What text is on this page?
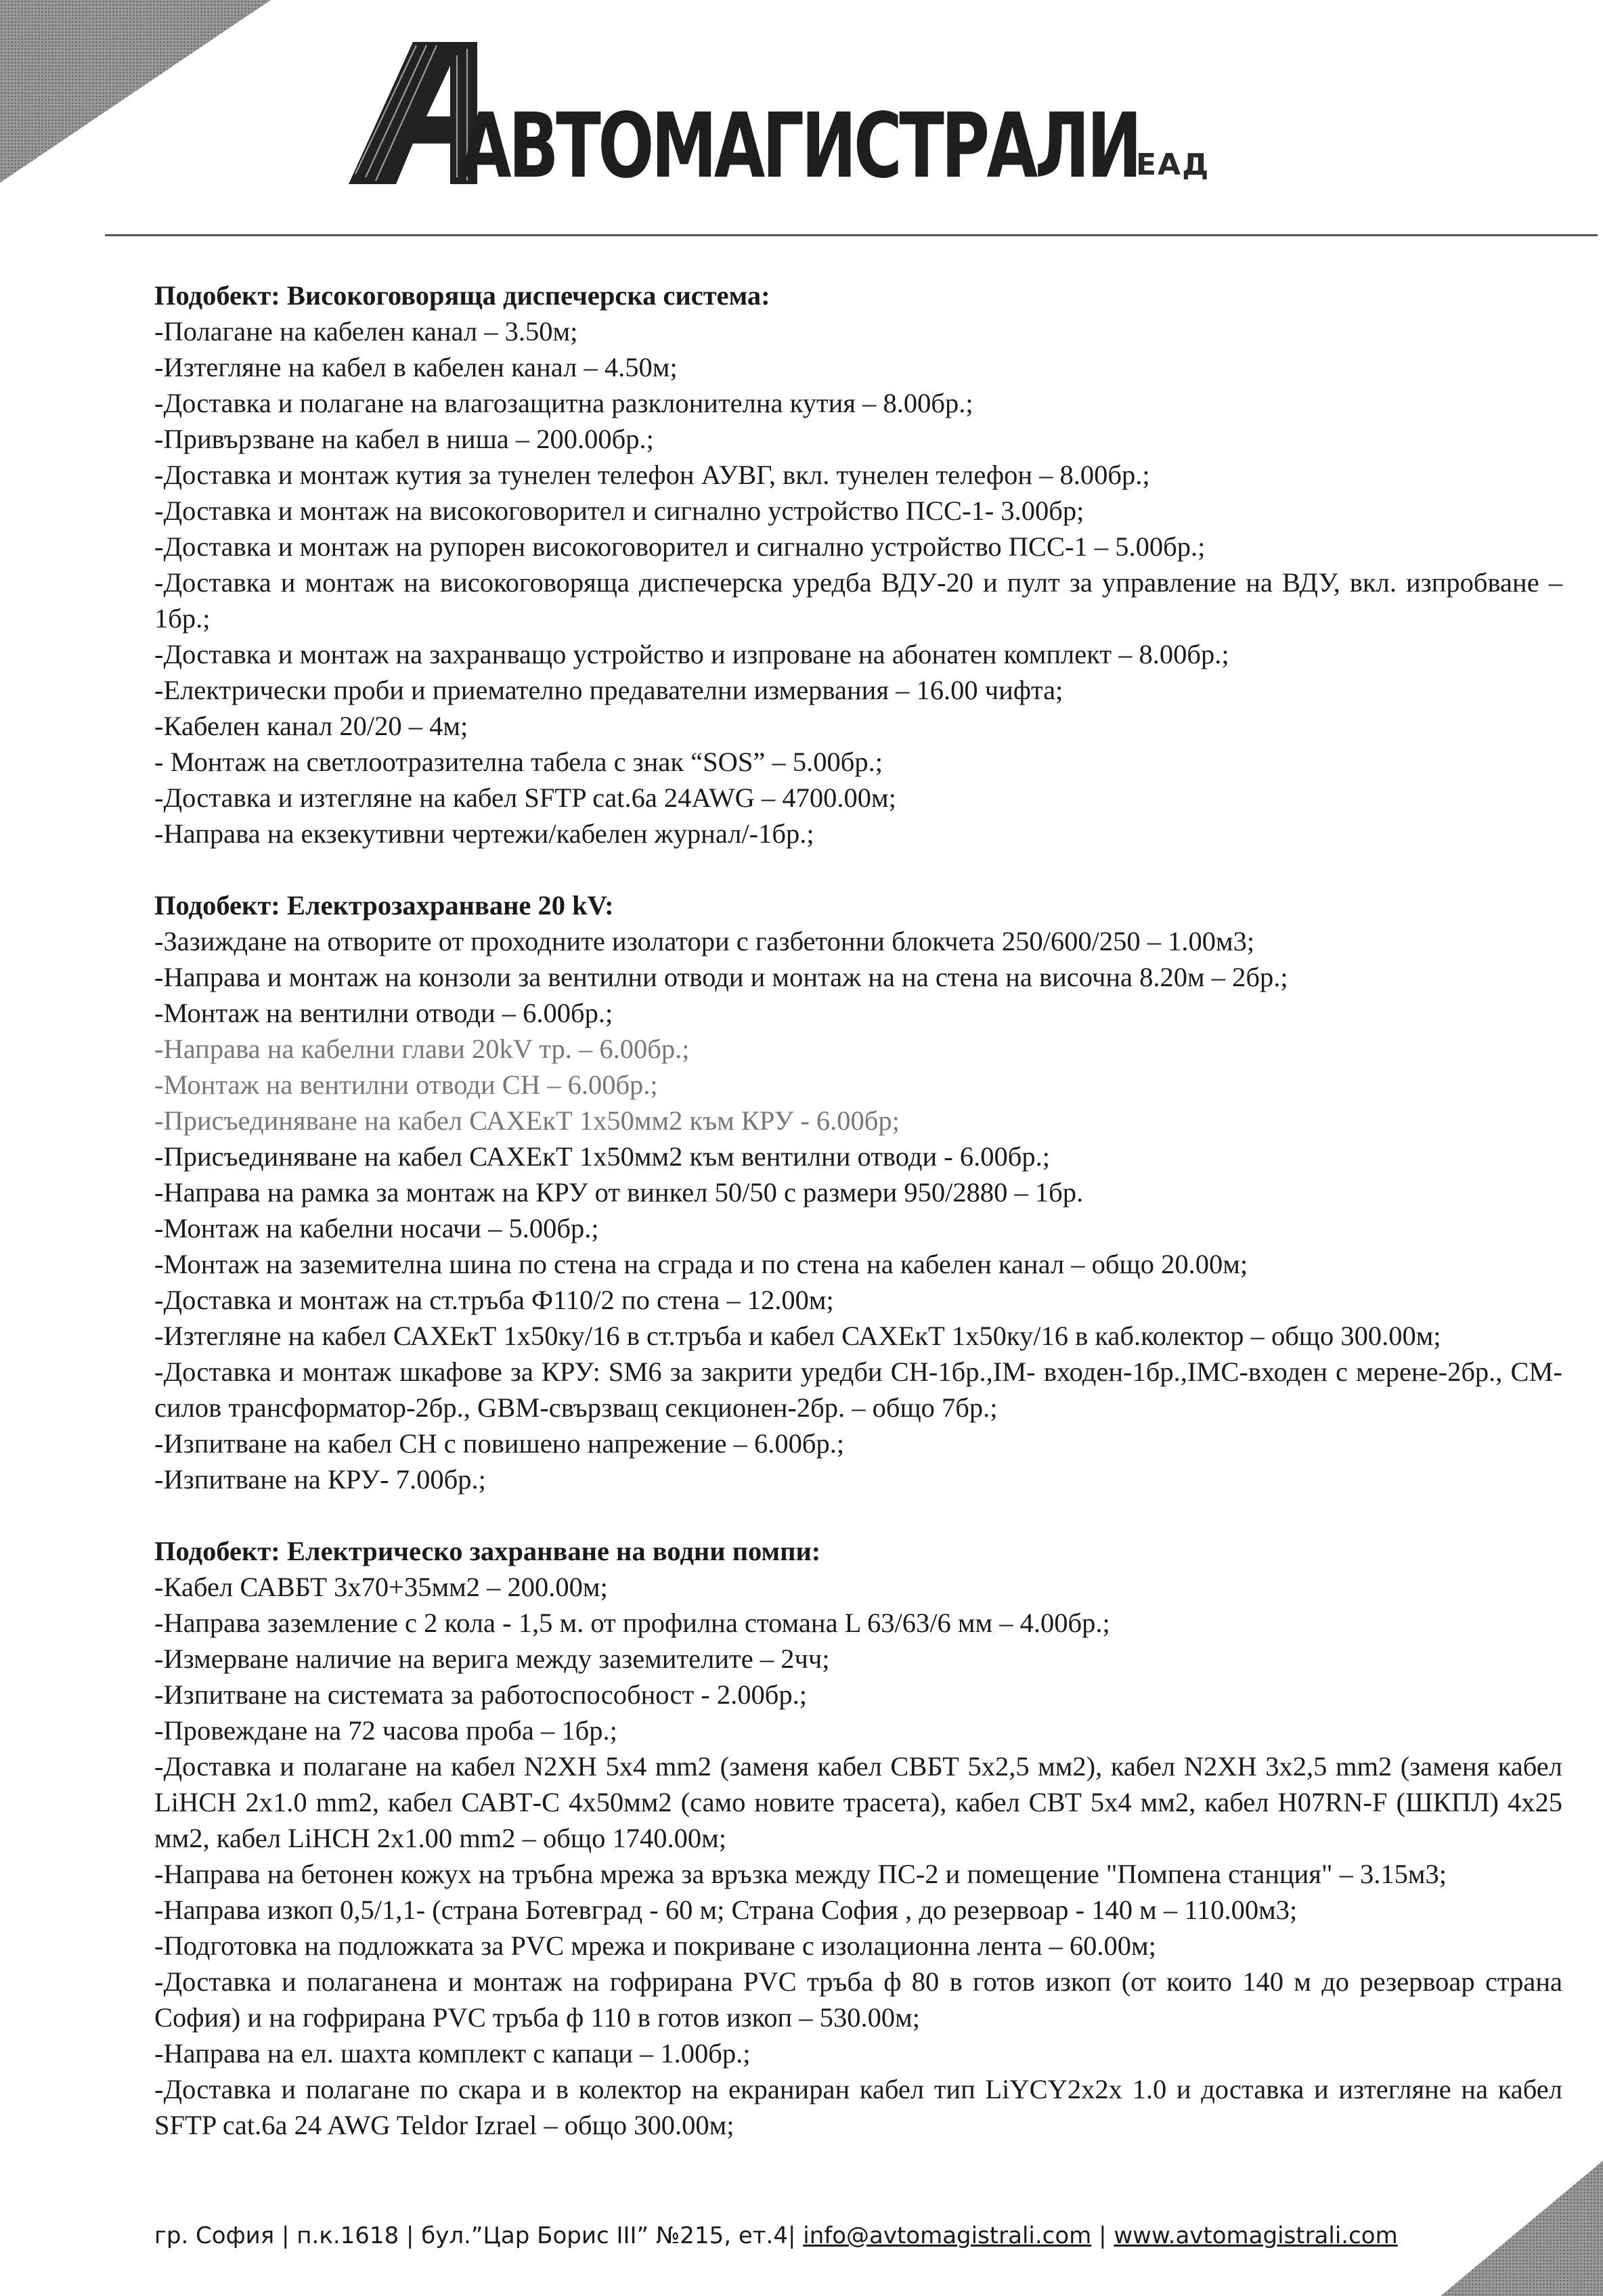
АВТОМАГИСТРАЛИ
ЕАД
Подобект: Високоговоряща диспечерска система:
-Полагане на кабелен канал – 3.50м;
-Изтегляне на кабел в кабелен канал – 4.50м;
-Доставка и полагане на влагозащитна разклонителна кутия – 8.00бр.;
-Привързване на кабел в ниша – 200.00бр.;
-Доставка и монтаж кутия за тунелен телефон АУВГ, вкл. тунелен телефон – 8.00бр.;
-Доставка и монтаж на високоговорител и сигнално устройство ПСС-1- 3.00бр;
-Доставка и монтаж на рупорен високоговорител и сигнално устройство ПСС-1 – 5.00бр.;
-Доставка и монтаж на високоговоряща диспечерска уредба ВДУ-20 и пулт за управление на ВДУ, вкл. изпробване – 1бр.;
-Доставка и монтаж на захранващо устройство и изпроване на абонатен комплект – 8.00бр.;
-Електрически проби и приемателно предавателни измервания – 16.00 чифта;
-Кабелен канал 20/20 – 4м;
- Монтаж на светлоотразителна табела с знак “SOS” – 5.00бр.;
-Доставка и изтегляне на кабел SFTP cat.6a 24AWG – 4700.00м;
-Направа на екзекутивни чертежи/кабелен журнал/-1бр.;
Подобект: Електрозахранване 20 kV:
-Зазиждане на отворите от проходните изолатори с газбетонни блокчета 250/600/250 – 1.00м3;
-Направа и монтаж на конзоли за вентилни отводи и монтаж на на стена на височна 8.20м – 2бр.;
-Монтаж на вентилни отводи – 6.00бр.;
-Направа на кабелни глави 20kV тр. – 6.00бр.;
-Монтаж на вентилни отводи СН – 6.00бр.;
-Присъединяване на кабел САХЕкТ 1х50мм2 към КРУ - 6.00бр;
-Присъединяване на кабел САХЕкТ 1х50мм2 към вентилни отводи - 6.00бр.;
-Направа на рамка за монтаж на КРУ от винкел 50/50 с размери 950/2880 – 1бр.
-Монтаж на кабелни носачи – 5.00бр.;
-Монтаж на заземителна шина по стена на сграда и по стена на кабелен канал – общо 20.00м;
-Доставка и монтаж на ст.тръба Ф110/2 по стена – 12.00м;
-Изтегляне на кабел САХЕкТ 1х50ку/16 в ст.тръба и кабел САХЕкТ 1х50ку/16 в каб.колектор – общо 300.00м;
-Доставка и монтаж шкафове за КРУ: SM6 за закрити уредби СН-1бр.,IM- входен-1бр.,IMC-входен с мерене-2бр., CM- силов трансформатор-2бр., GBM-свързващ секционен-2бр. – общо 7бр.;
-Изпитване на кабел СН с повишено напрежение – 6.00бр.;
-Изпитване на КРУ- 7.00бр.;
Подобект: Електрическо захранване на водни помпи:
-Кабел САВБТ 3х70+35мм2 – 200.00м;
-Направа заземление с 2 кола - 1,5 м. от профилна стомана L 63/63/6 мм – 4.00бр.;
-Измерване наличие на верига между заземителите – 2чч;
-Изпитване на системата за работоспособност - 2.00бр.;
-Провеждане на 72 часова проба – 1бр.;
-Доставка и полагане на кабел N2XH 5x4 mm2 (заменя кабел СВБТ 5х2,5 мм2), кабел N2XH 3x2,5 mm2 (заменя кабел LiHCH 2x1.0 mm2, кабел САВТ-С 4х50мм2 (само новите трасета), кабел СВТ 5х4 мм2, кабел H07RN-F (ШКПЛ) 4х25 мм2, кабел LiHCH 2x1.00 mm2 – общо 1740.00м;
-Направа на бетонен кожух на тръбна мрежа за връзка между ПС-2 и помещение "Помпена станция" – 3.15м3;
-Направа изкоп 0,5/1,1- (страна Ботевград - 60 м; Страна София , до резервоар - 140 м – 110.00м3;
-Подготовка на подложката за PVC мрежа и покриване с изолационна лента – 60.00м;
-Доставка и полаганена и монтаж на гофрирана PVC тръба ф 80 в готов изкоп (от които 140 м до резервоар страна София) и на гофрирана PVC тръба ф 110 в готов изкоп – 530.00м;
-Направа на ел. шахта комплект с капаци – 1.00бр.;
-Доставка и полагане по скара и в колектор на екраниран кабел тип LiYCY2x2x 1.0 и доставка и изтегляне на кабел SFTP cat.6a 24 AWG Teldor Izrael – общо 300.00м;
гр. София | п.к.1618 | бул.”Цар Борис III” №215, ет.4| info@avtomagistrali.com | www.avtomagistrali.com
